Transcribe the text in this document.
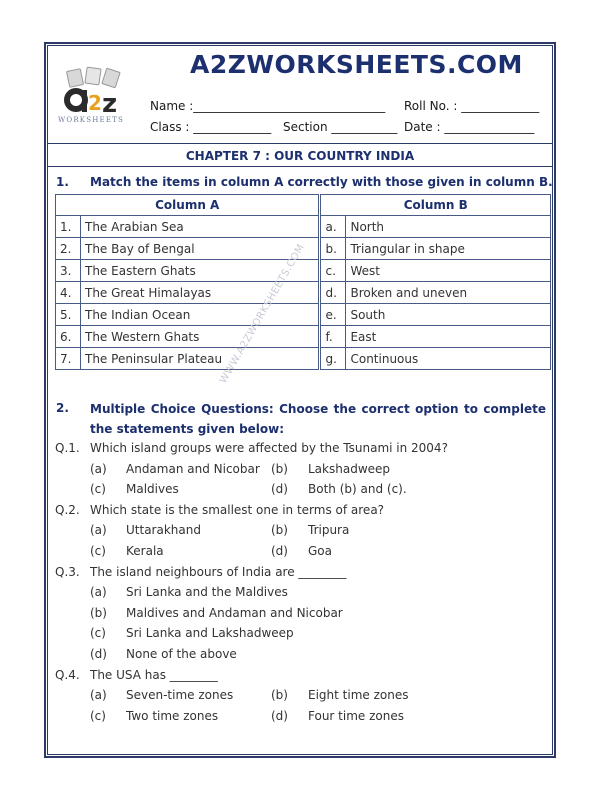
2 z
WORKSHEETS
A2ZWORKSHEETS.COM
Name :________________________________ Roll No. : _____________
Class : _____________ Section ___________ Date : _______________
CHAPTER 7 : OUR COUNTRY INDIA
1. Match the items in column A correctly with those given in column B.
Column A		Column B	
1.	The Arabian Sea	a.	North
2.	The Bay of Bengal	b.	Triangular in shape
3.	The Eastern Ghats	c.	West
4.	The Great Himalayas	d.	Broken and uneven
5.	The Indian Ocean	e.	South
6.	The Western Ghats	f.	East
7.	The Peninsular Plateau	g.	Continuous
2. Multiple Choice Questions: Choose the correct option to complete the statements given below:
Q.1. Which island groups were affected by the Tsunami in 2004?
(a) Andaman and Nicobar (b) Lakshadweep
(c) Maldives	(d) Both (b) and (c).
Q.2. Which state is the smallest one in terms of area?
(a) Uttarakhand	(b) Tripura
(c) Kerala	(d) Goa
Q.3. The island neighbours of India are ________
(a) Sri Lanka and the Maldives
(b) Maldives and Andaman and Nicobar
(c) Sri Lanka and Lakshadweep
(d) None of the above
Q.4. The USA has ________
(a) Seven-time zones	(b) Eight time zones
(c) Two time zones	(d) Four time zones
WWW.A2ZWORKSHEETS.COM
